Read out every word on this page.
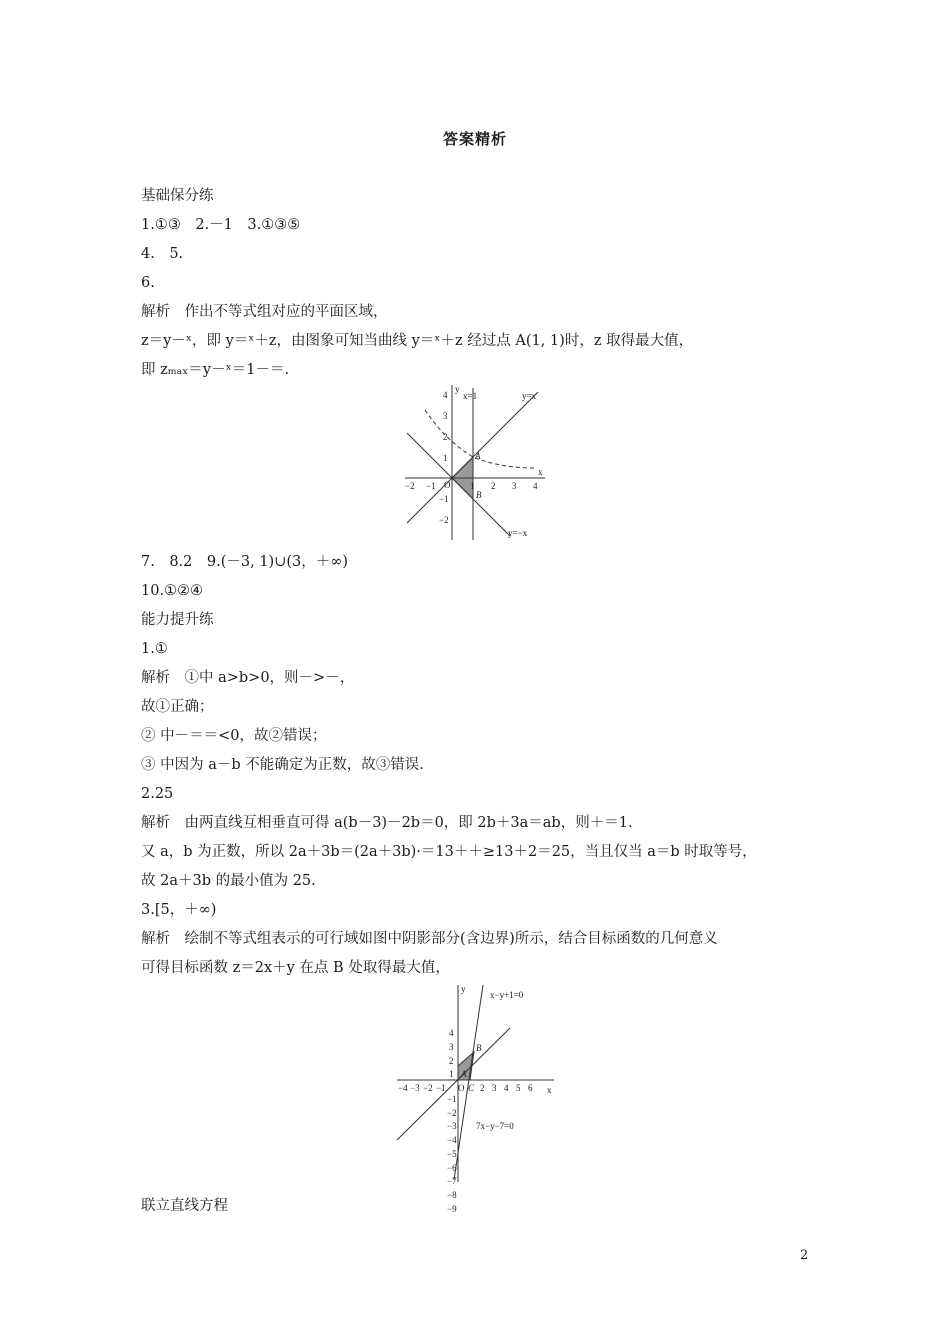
答案精析
基础保分练
1.①③　2.－1　3.①③⑤
4.　5.
6.
解析　作出不等式组对应的平面区域，
z＝y－ˣ，即 y＝ˣ＋z，由图象可知当曲线 y＝ˣ＋z 经过点 A(1, 1)时，z 取得最大值，
即 zₘₐₓ＝y－ˣ＝1－＝.
x
y
O
−2 −1	1 2 3 4
4
3
2
1
−1
−2
x=1	y=x
y=−x
A
B
7.　8.2　9.(－3, 1)∪(3，＋∞)
10.①②④
能力提升练
1.①
解析　①中 a>b>0，则－>－，
故①正确；
② 中－＝＝<0，故②错误；
③ 中因为 a－b 不能确定为正数，故③错误.
2.25
解析　由两直线互相垂直可得 a(b－3)－2b＝0，即 2b＋3a＝ab，则＋＝1.
又 a，b 为正数，所以 2a＋3b＝(2a＋3b)·＝13＋＋≥13＋2＝25，当且仅当 a＝b 时取等号，
故 2a＋3b 的最小值为 25.
3.[5，＋∞)
解析　绘制不等式组表示的可行域如图中阴影部分(含边界)所示，结合目标函数的几何意义
可得目标函数 z＝2x＋y 在点 B 处取得最大值，
x
y
−4 −3 −2 −1 O C 2 3 4 5 6
4
3
2
1
−1
−2
−3
−4
−5
−6
−7
−8
−9
x−y+1=0
7x−y−7=0
A
B
联立直线方程
2
